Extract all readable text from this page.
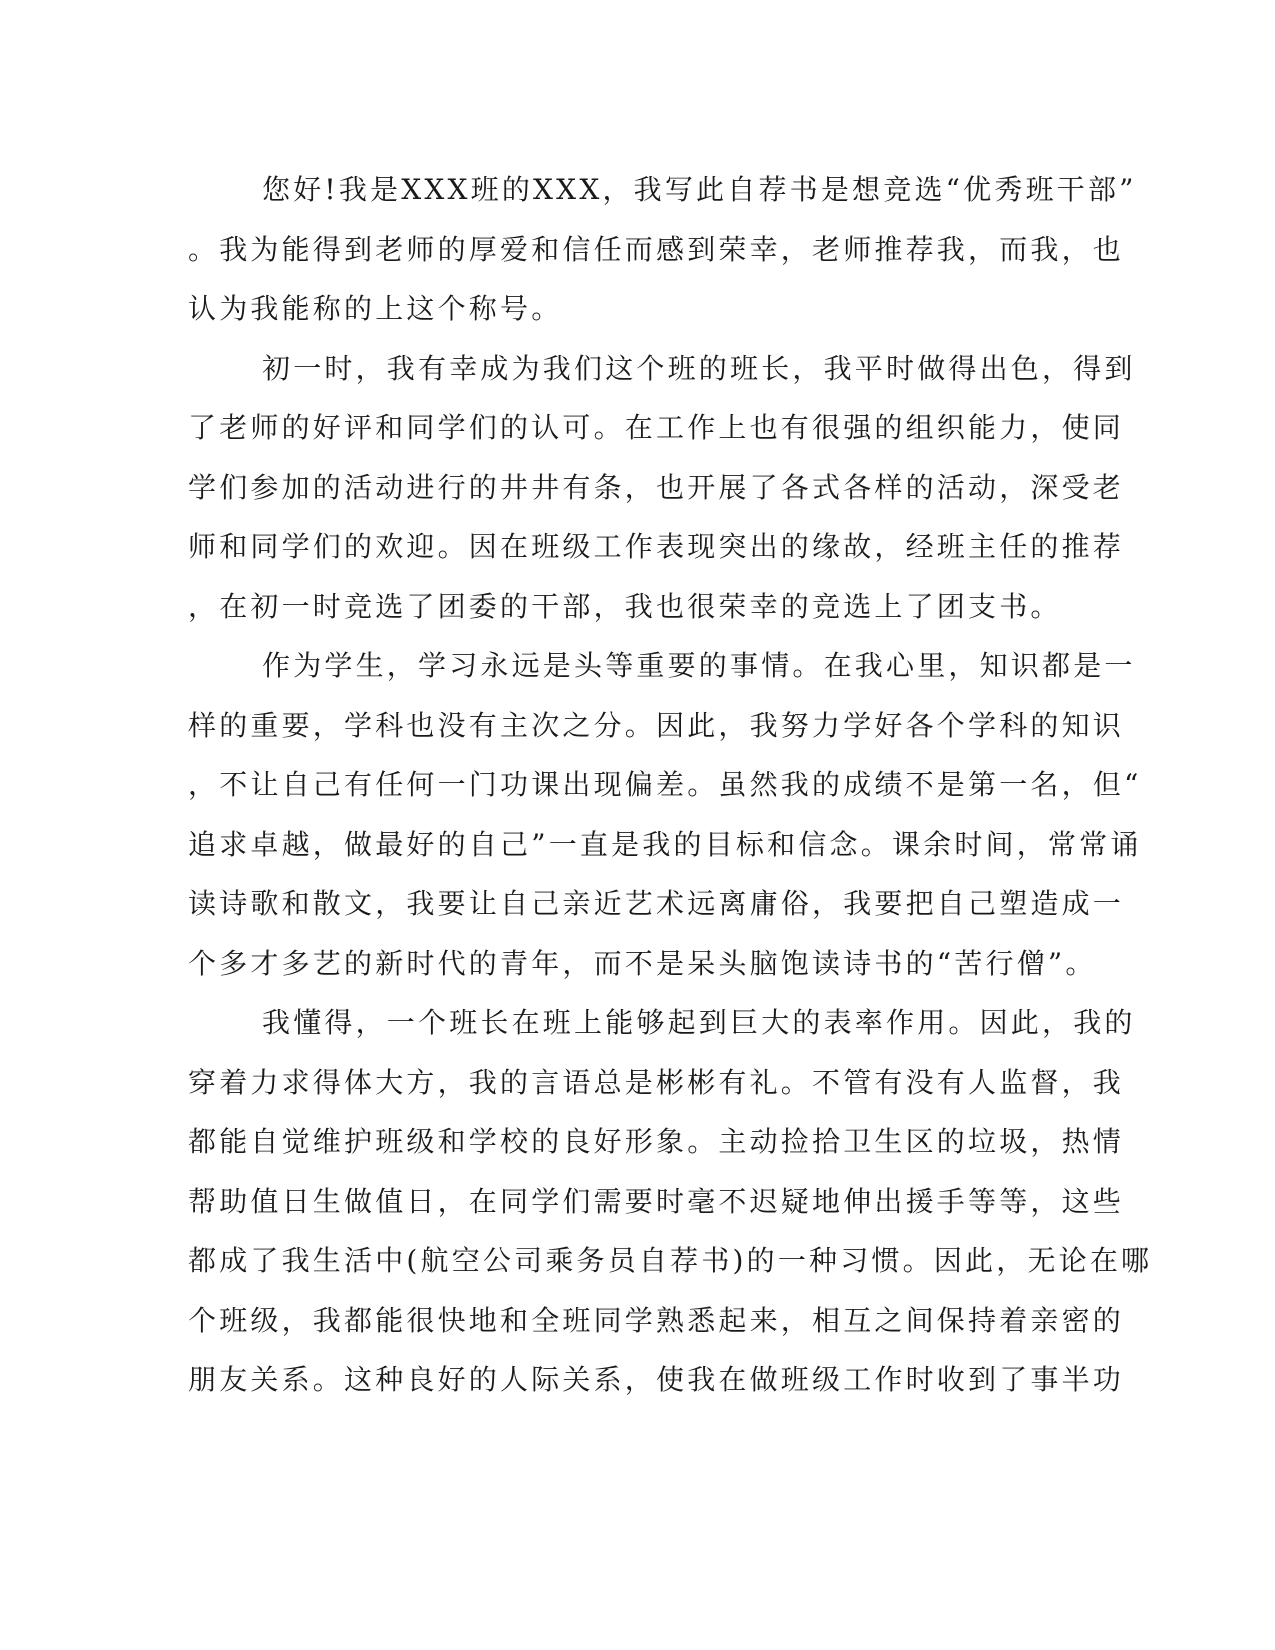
您好!我是XXX班的XXX，我写此自荐书是想竞选“优秀班干部”
。我为能得到老师的厚爱和信任而感到荣幸，老师推荐我，而我，也
认为我能称的上这个称号。
初一时，我有幸成为我们这个班的班长，我平时做得出色，得到
了老师的好评和同学们的认可。在工作上也有很强的组织能力，使同
学们参加的活动进行的井井有条，也开展了各式各样的活动，深受老
师和同学们的欢迎。因在班级工作表现突出的缘故，经班主任的推荐
，在初一时竞选了团委的干部，我也很荣幸的竞选上了团支书。
作为学生，学习永远是头等重要的事情。在我心里，知识都是一
样的重要，学科也没有主次之分。因此，我努力学好各个学科的知识
，不让自己有任何一门功课出现偏差。虽然我的成绩不是第一名，但“
追求卓越，做最好的自己”一直是我的目标和信念。课余时间，常常诵
读诗歌和散文，我要让自己亲近艺术远离庸俗，我要把自己塑造成一
个多才多艺的新时代的青年，而不是呆头脑饱读诗书的“苦行僧”。
我懂得，一个班长在班上能够起到巨大的表率作用。因此，我的
穿着力求得体大方，我的言语总是彬彬有礼。不管有没有人监督，我
都能自觉维护班级和学校的良好形象。主动捡拾卫生区的垃圾，热情
帮助值日生做值日，在同学们需要时毫不迟疑地伸出援手等等，这些
都成了我生活中(航空公司乘务员自荐书)的一种习惯。因此，无论在哪
个班级，我都能很快地和全班同学熟悉起来，相互之间保持着亲密的
朋友关系。这种良好的人际关系，使我在做班级工作时收到了事半功
